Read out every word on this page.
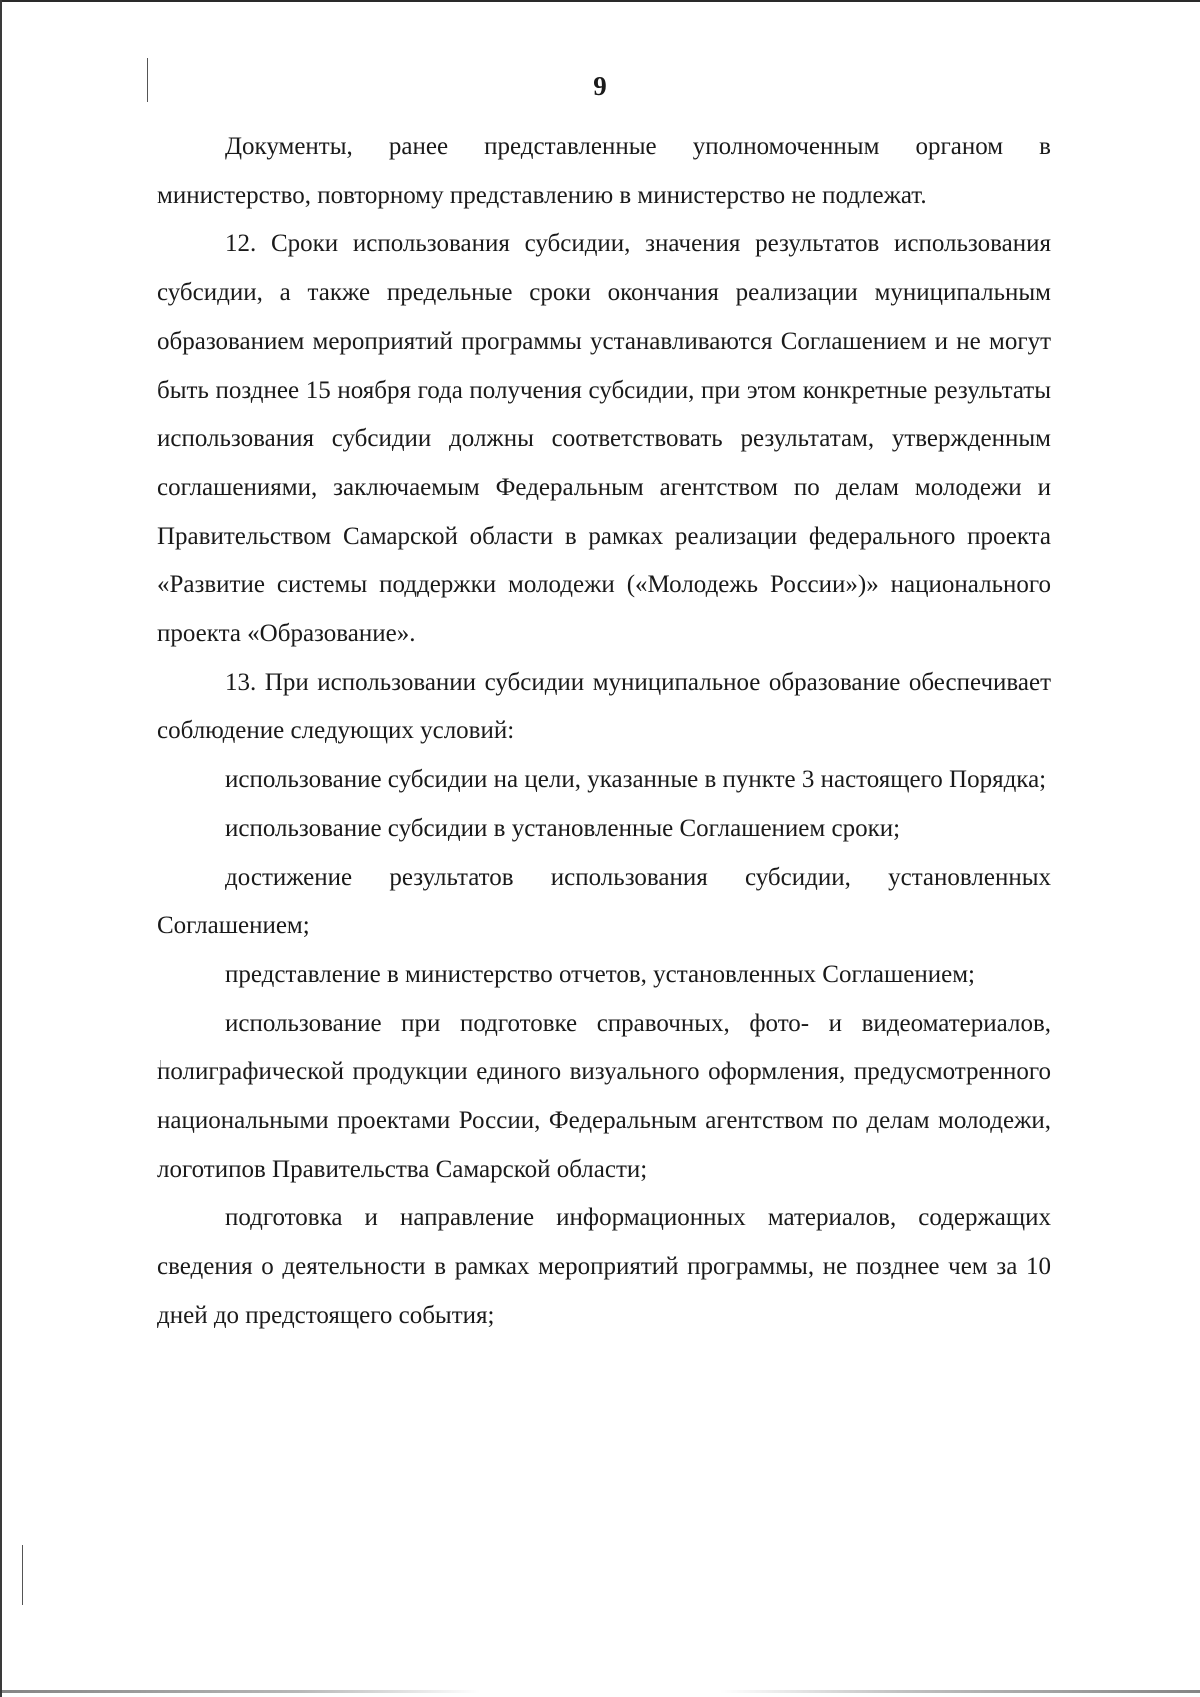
9

Документы, ранее представленные уполномоченным органом в министерство, повторному представлению в министерство не подлежат.

12. Сроки использования субсидии, значения результатов использования субсидии, а также предельные сроки окончания реализации муниципальным образованием мероприятий программы устанавливаются Соглашением и не могут быть позднее 15 ноября года получения субсидии, при этом конкретные результаты использования субсидии должны соответствовать результатам, утвержденным соглашениями, заключаемым Федеральным агентством по делам молодежи и Правительством Самарской области в рамках реализации федерального проекта «Развитие системы поддержки молодежи («Молодежь России»)» национального проекта «Образование».

13. При использовании субсидии муниципальное образование обеспечивает соблюдение следующих условий:

использование субсидии на цели, указанные в пункте 3 настоящего Порядка;

использование субсидии в установленные Соглашением сроки;

достижение результатов использования субсидии, установленных Соглашением;

представление в министерство отчетов, установленных Соглашением;

использование при подготовке справочных, фото- и видеоматериалов, полиграфической продукции единого визуального оформления, предусмотренного национальными проектами России, Федеральным агентством по делам молодежи, логотипов Правительства Самарской области;

подготовка и направление информационных материалов, содержащих сведения о деятельности в рамках мероприятий программы, не позднее чем за 10 дней до предстоящего события;
